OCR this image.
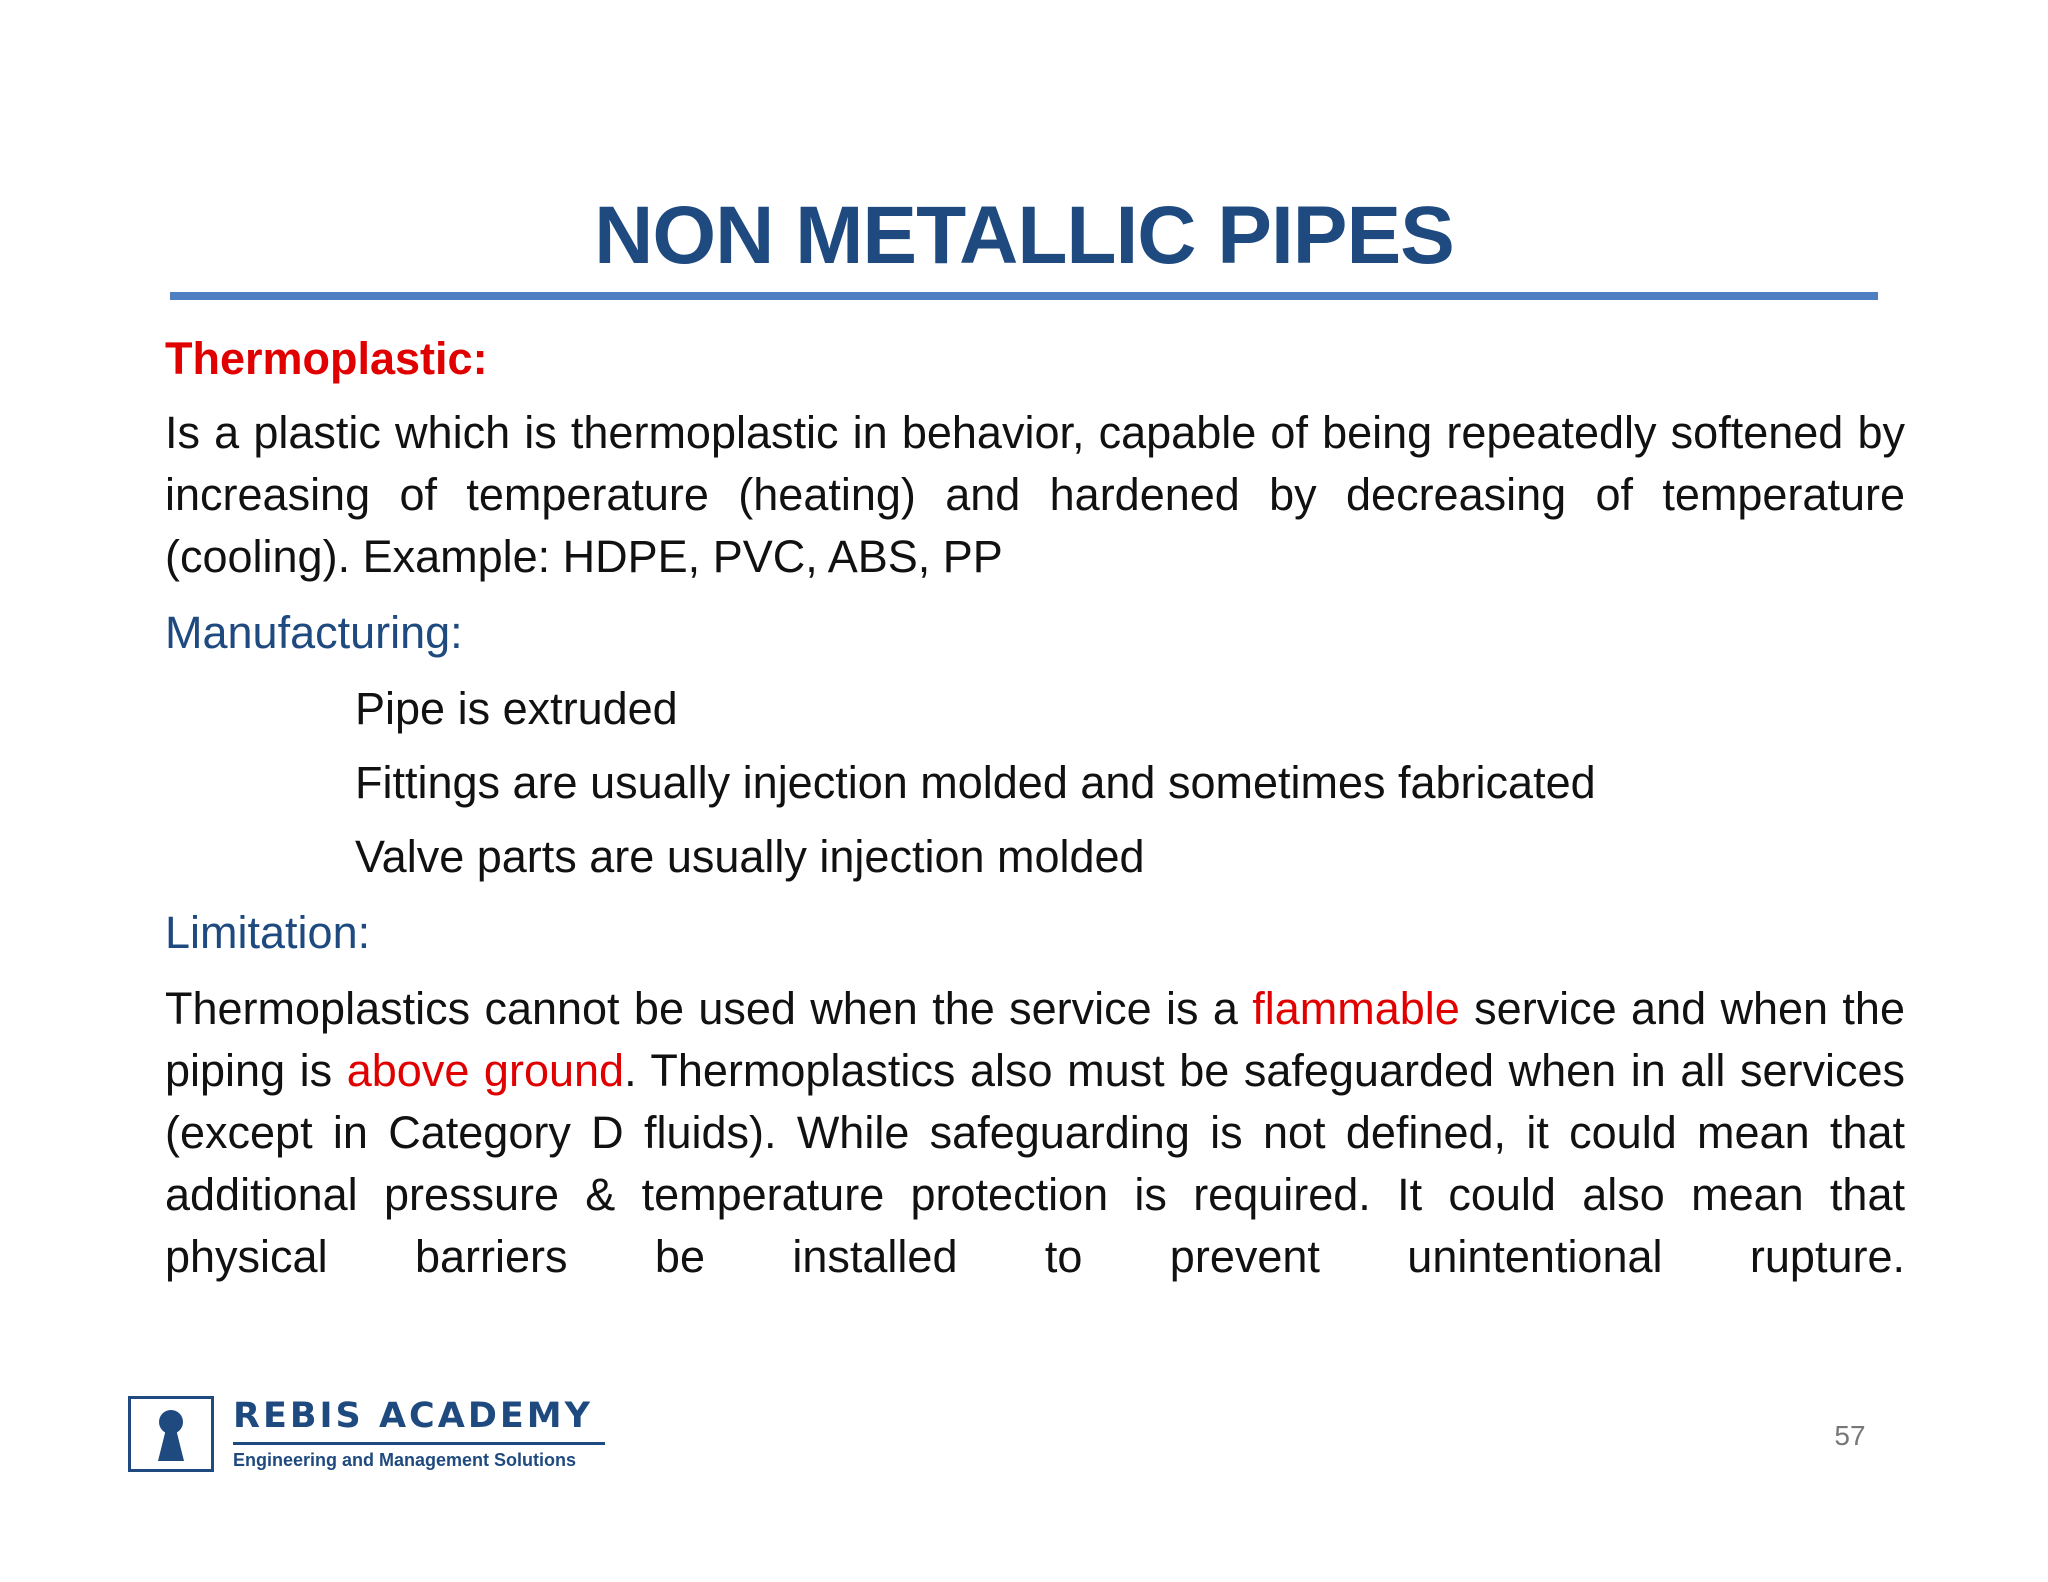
NON METALLIC PIPES
Thermoplastic:

Is a plastic which is thermoplastic in behavior, capable of being repeatedly softened by increasing of temperature (heating) and hardened by decreasing of temperature (cooling). Example: HDPE, PVC, ABS, PP

Manufacturing:
Pipe is extruded
Fittings are usually injection molded and sometimes fabricated
Valve parts are usually injection molded
Limitation:

Thermoplastics cannot be used when the service is a flammable service and when the piping is above ground. Thermoplastics also must be safeguarded when in all services (except in Category D fluids). While safeguarding is not defined, it could mean that additional pressure & temperature protection is required. It could also mean that physical barriers be installed to prevent unintentional rupture.

REBIS ACADEMY
Engineering and Management Solutions
57
